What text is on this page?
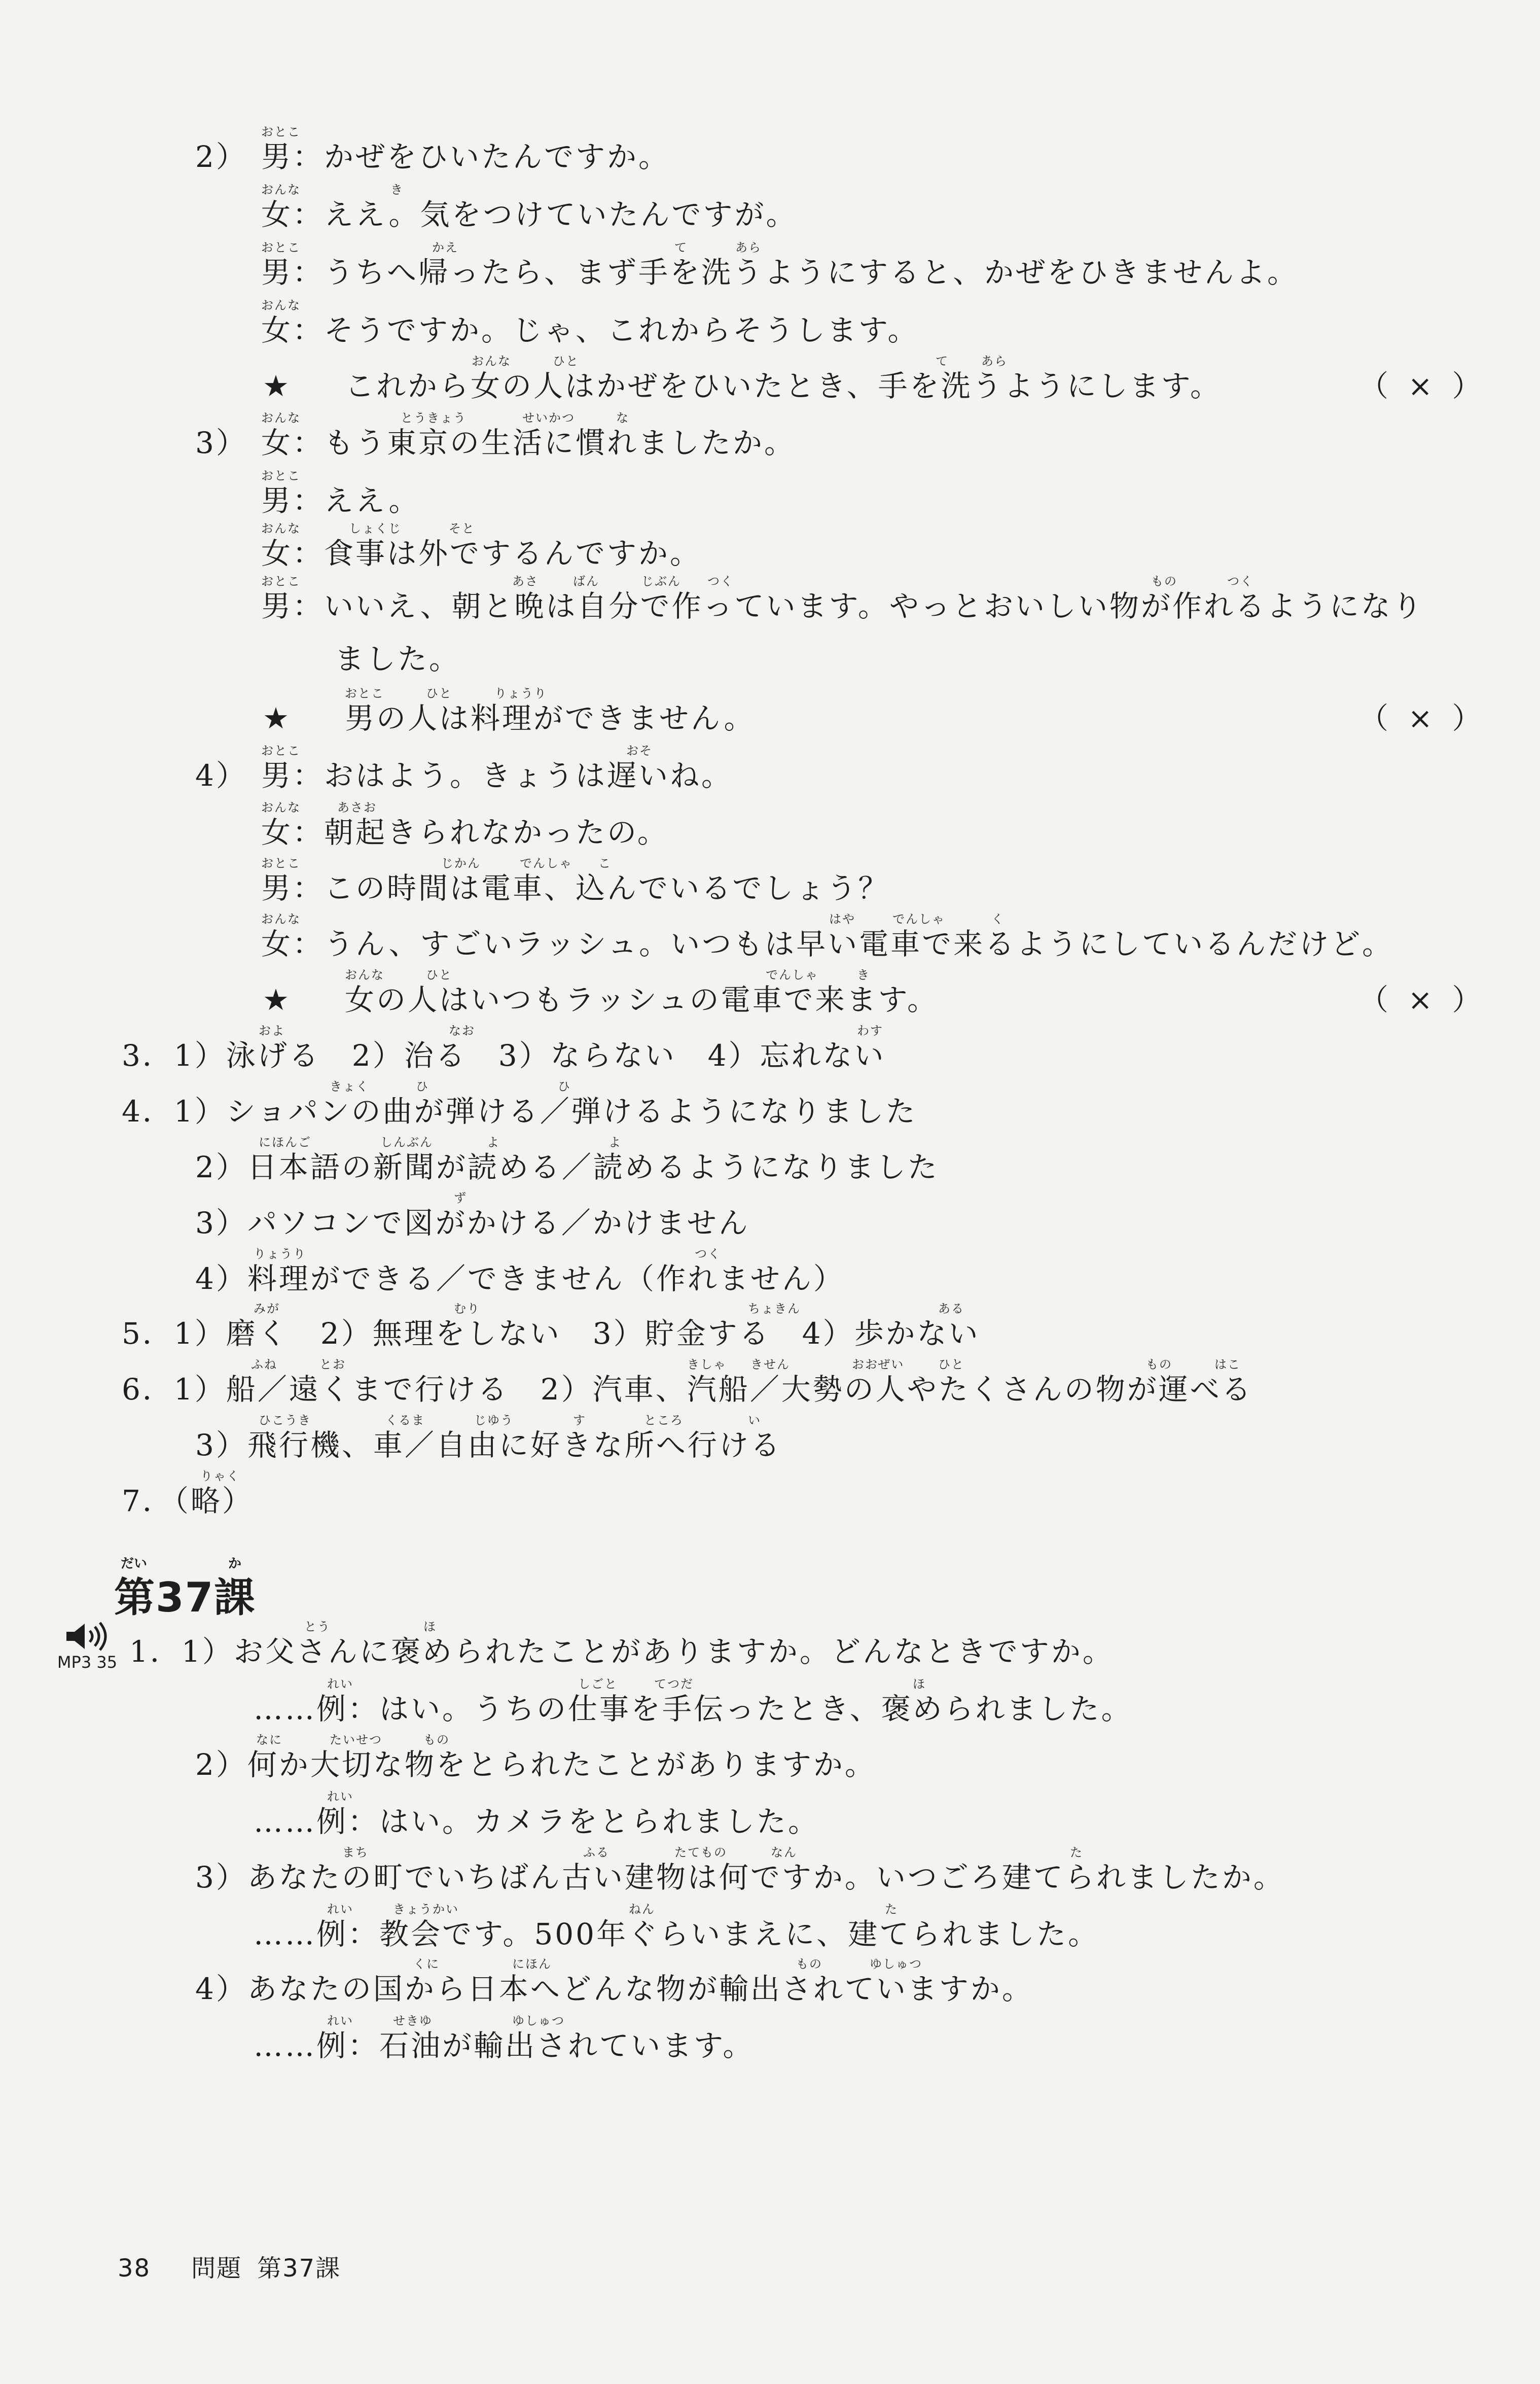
2）
おとこ
男：かぜをひいたんですか。
おんな	き
女：ええ。気をつけていたんですが。
おとこ	かえ	て	あら
男：うちへ帰ったら、まず手を洗うようにすると、かぜをひきませんよ。
おんな
女：そうですか。じゃ、これからそうします。
おんな	ひと	て	あら
★ これから女の人はかぜをひいたとき、手を洗うようにします。	（ × ）
おんな	とうきょう	せいかつ	な
3） 女：もう東京の生活に慣れましたか。
おとこ
男：ええ。
おんな	しょくじ	そと
女：食事は外でするんですか。
おとこ	あさ	ばん	じぶん つく	もの	つく
男：いいえ、朝と晩は自分で作っています。やっとおいしい物が作れるようになり
ました。
おとこ	ひと	りょうり
★ 男の人は料理ができません。	（ × ）
おとこ	おそ
4） 男：おはよう。きょうは遅いね。
おんな	あさお
女：朝起きられなかったの。
おとこ	じかん	でんしゃ こ
男：この時間は電車、込んでいるでしょう？
おんな	はや	でんしゃ	く
女：うん、すごいラッシュ。いつもは早い電車で来るようにしているんだけど。
おんな	ひと	でんしゃ	き
★ 女の人はいつもラッシュの電車で来ます。	（ × ）
およ	なお	わす
3．1）泳げる　2）治る　3）ならない　4）忘れない
きょく	ひ	ひ
4．1）ショパンの曲が弾ける／弾けるようになりました
にほんご	しんぶん	よ	よ
2）日本語の新聞が読める／読めるようになりました
ず
3）パソコンで図がかける／かけません
りょうり	つく
4）料理ができる／できません（作れません）
みが	むり	ちょきん	ある
5．1）磨く　2）無理をしない　3）貯金する　4）歩かない
ふね	とお	きしゃ きせん	おおぜい	ひと	もの	はこ
6．1）船／遠くまで行ける　2）汽車、汽船／大勢の人やたくさんの物が運べる
ひこうき	くるま	じゆう	す	ところ	い
3）飛行機、車／自由に好きな所へ行ける
りゃく
7．（略）
だい	か
第37課
MP3 35
とう	ほ
1．1）お父さんに褒められたことがありますか。どんなときですか。
れい	しごと	てつだ	ほ
……例：はい。うちの仕事を手伝ったとき、褒められました。
なに	たいせつ	もの
2）何か大切な物をとられたことがありますか。
れい
……例：はい。カメラをとられました。
まち	ふる	たてもの	なん	た
3）あなたの町でいちばん古い建物は何ですか。いつごろ建てられましたか。
れい	きょうかい	ねん	た
……例：教会です。500年ぐらいまえに、建てられました。
くに	にほん	もの	ゆしゅつ
4）あなたの国から日本へどんな物が輸出されていますか。
れい	せきゆ	ゆしゅつ
……例：石油が輸出されています。
38 問題 第37課
